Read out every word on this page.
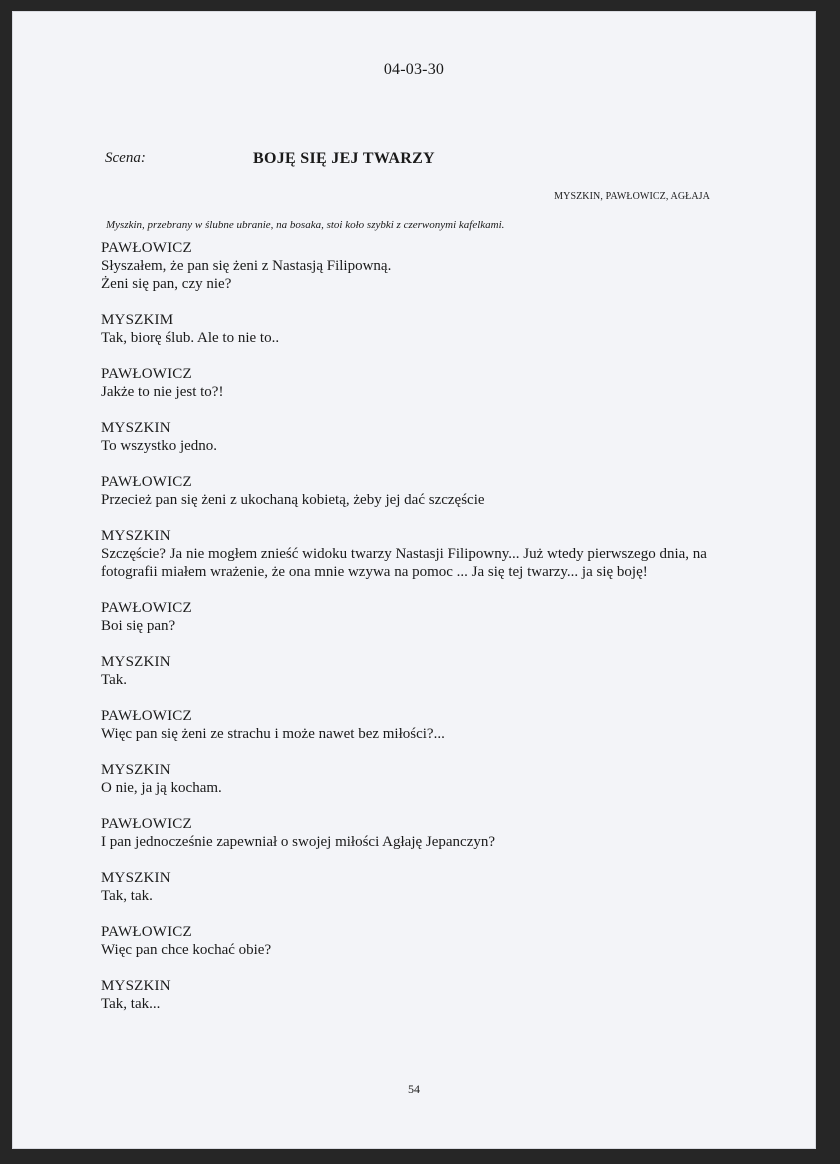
04-03-30
Scena:	BOJĘ SIĘ JEJ TWARZY
MYSZKIN, PAWŁOWICZ, AGŁAJA
Myszkin, przebrany w ślubne ubranie, na bosaka, stoi koło szybki z czerwonymi kafelkami.
PAWŁOWICZ
Słyszałem, że pan się żeni z Nastasją Filipowną.
Żeni się pan, czy nie?
MYSZKIM
Tak, biorę ślub. Ale to nie to..
PAWŁOWICZ
Jakże to nie jest to?!
MYSZKIN
To wszystko jedno.
PAWŁOWICZ
Przecież pan się żeni z ukochaną kobietą, żeby jej dać szczęście
MYSZKIN
Szczęście? Ja nie mogłem znieść widoku twarzy Nastasji Filipowny... Już wtedy pierwszego dnia, na fotografii miałem wrażenie, że ona mnie wzywa na pomoc ... Ja się tej twarzy... ja się boję!
PAWŁOWICZ
Boi się pan?
MYSZKIN
Tak.
PAWŁOWICZ
Więc pan się żeni ze strachu i może nawet bez miłości?...
MYSZKIN
O nie, ja ją kocham.
PAWŁOWICZ
I pan jednocześnie zapewniał o swojej miłości Agłaję Jepanczyn?
MYSZKIN
Tak, tak.
PAWŁOWICZ
Więc pan chce kochać obie?
MYSZKIN
Tak, tak...
54
